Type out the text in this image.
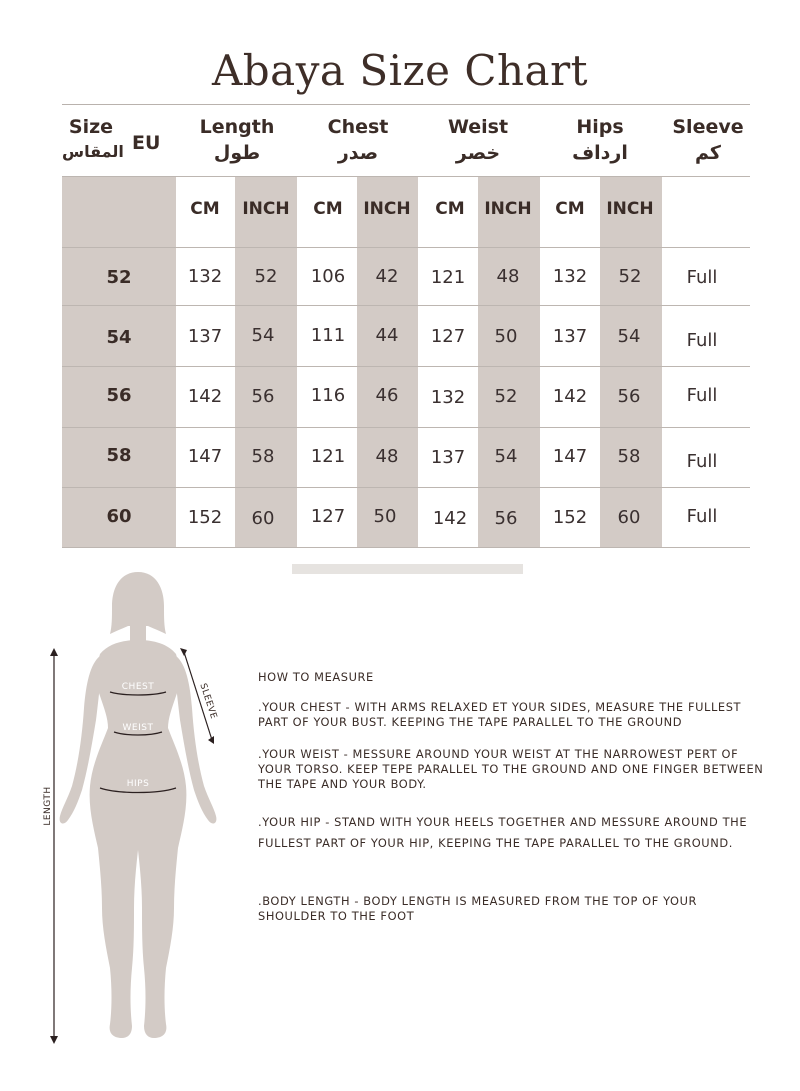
Abaya Size Chart
Size
المقاس EU
Length
طول
Chest
صدر
Weist
خصر
Hips
ارداف
Sleeve
كم
CM	INCH	CM	INCH	CM	INCH	CM	INCH
52	132	52	106	42	121	48	132	52	Full
54	137	54	111	44	127	50	137	54	Full
56	142	56	116	46	132	52	142	56	Full
58	147	58	121	48	137	54	147	58	Full
60	152	60	127	50	142	56	152	60	Full
CHEST
WEIST
HIPS
SLEEVE
LENGTH
HOW TO MEASURE
.YOUR CHEST - WITH ARMS RELAXED ET YOUR SIDES, MEASURE THE FULLEST PART OF YOUR BUST. KEEPING THE TAPE PARALLEL TO THE GROUND
.YOUR WEIST - MESSURE AROUND YOUR WEIST AT THE NARROWEST PERT OF YOUR TORSO. KEEP TEPE PARALLEL TO THE GROUND AND ONE FINGER BETWEEN THE TAPE AND YOUR BODY.
.YOUR HIP - STAND WITH YOUR HEELS TOGETHER AND MESSURE AROUND THE FULLEST PART OF YOUR HIP, KEEPING THE TAPE PARALLEL TO THE GROUND.
.BODY LENGTH - BODY LENGTH IS MEASURED FROM THE TOP OF YOUR SHOULDER TO THE FOOT
